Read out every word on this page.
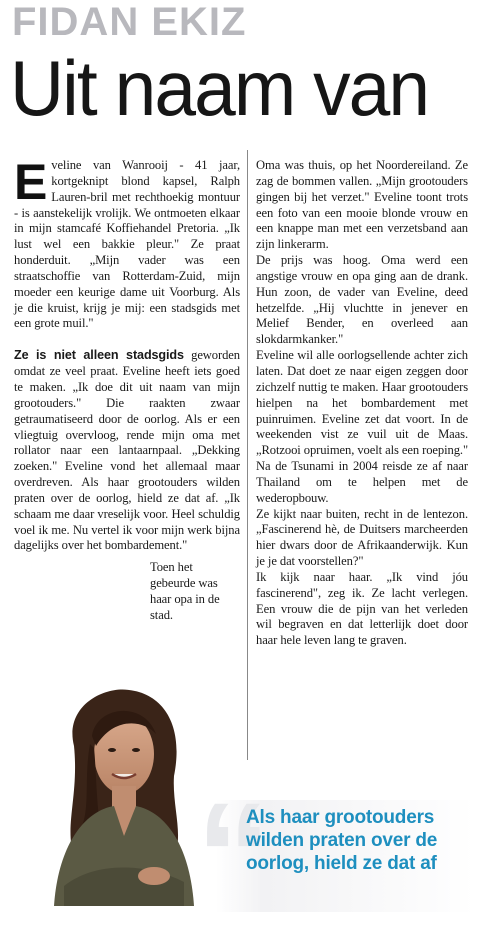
FIDAN EKIZ
Uit naam van

Eveline van Wanrooij - 41 jaar, kortgeknipt blond kapsel, Ralph Lauren-bril met rechthoekig montuur - is aanstekelijk vrolijk. We ontmoeten elkaar in mijn stamcafé Koffiehandel Pretoria. „Ik lust wel een bakkie pleur." Ze praat honderduit. „Mijn vader was een straatschoffie van Rotterdam-Zuid, mijn moeder een keurige dame uit Voorburg. Als je die kruist, krijg je mij: een stadsgids met een grote muil."

Ze is niet alleen stadsgids geworden omdat ze veel praat. Eveline heeft iets goed te maken. „Ik doe dit uit naam van mijn grootouders." Die raakten zwaar getraumatiseerd door de oorlog. Als er een vliegtuig overvloog, rende mijn oma met rollator naar een lantaarnpaal. „Dekking zoeken." Eveline vond het allemaal maar overdreven. Als haar grootouders wilden praten over de oorlog, hield ze dat af. „Ik schaam me daar vreselijk voor. Heel schuldig voel ik me. Nu vertel ik voor mijn werk bijna dagelijks over het bombardement."

Toen het gebeurde was haar opa in de stad.

Oma was thuis, op het Noordereiland. Ze zag de bommen vallen. „Mijn grootouders gingen bij het verzet." Eveline toont trots een foto van een mooie blonde vrouw en een knappe man met een verzetsband aan zijn linkerarm.

De prijs was hoog. Oma werd een angstige vrouw en opa ging aan de drank. Hun zoon, de vader van Eveline, deed hetzelfde. „Hij vluchtte in jenever en Melief Bender, en overleed aan slokdarmkanker."

Eveline wil alle oorlogsellende achter zich laten. Dat doet ze naar eigen zeggen door zichzelf nuttig te maken. Haar grootouders hielpen na het bombardement met puinruimen. Eveline zet dat voort. In de weekenden vist ze vuil uit de Maas. „Rotzooi opruimen, voelt als een roeping." Na de Tsunami in 2004 reisde ze af naar Thailand om te helpen met de wederopbouw.

Ze kijkt naar buiten, recht in de lentezon. „Fascinerend hè, de Duitsers marcheerden hier dwars door de Afrikaanderwijk. Kun je je dat voorstellen?"

Ik kijk naar haar. „Ik vind jóu fascinerend", zeg ik. Ze lacht verlegen. Een vrouw die de pijn van het verleden wil begraven en dat letterlijk doet door haar hele leven lang te graven.

“
Als haar grootouders wilden praten over de oorlog, hield ze dat af
